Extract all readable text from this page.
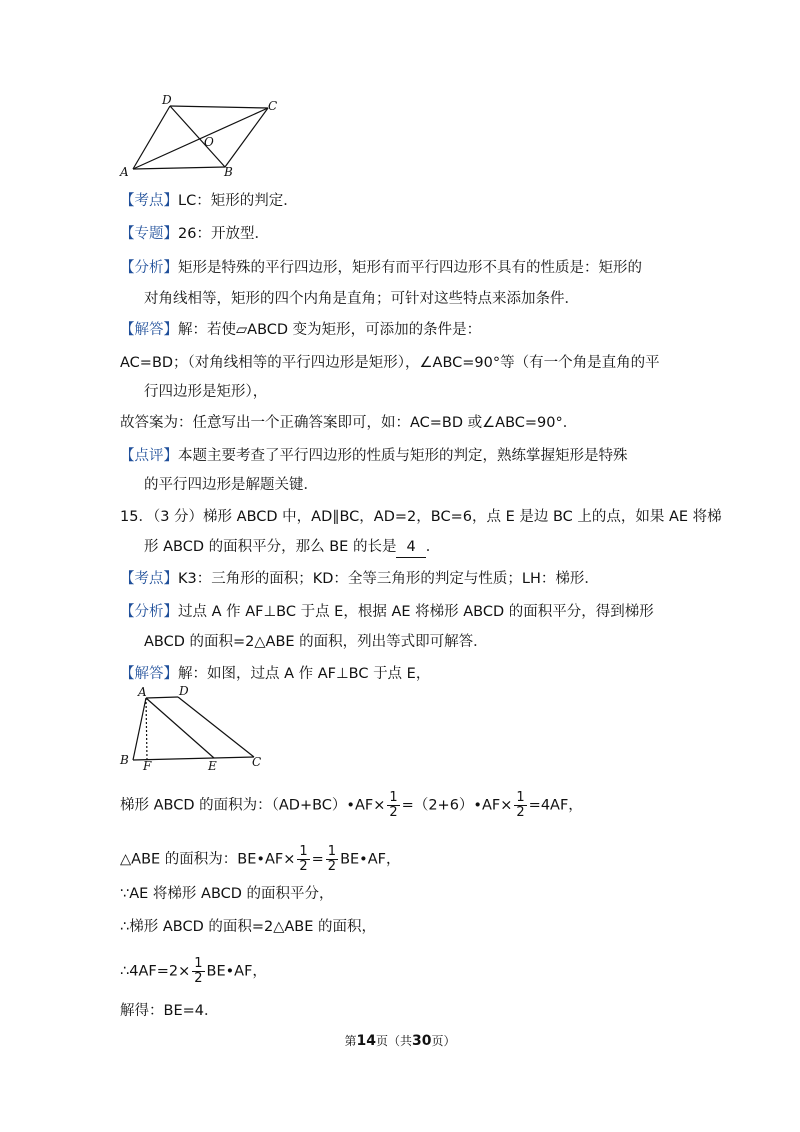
D	C
O
A	B
【考点】LC：矩形的判定．
【专题】26：开放型．
【分析】矩形是特殊的平行四边形，矩形有而平行四边形不具有的性质是：矩形的
对角线相等，矩形的四个内角是直角；可针对这些特点来添加条件．
【解答】解：若使▱ABCD 变为矩形，可添加的条件是：
AC=BD；（对角线相等的平行四边形是矩形），∠ABC=90°等（有一个角是直角的平
行四边形是矩形），
故答案为：任意写出一个正确答案即可，如：AC=BD 或∠ABC=90°．
【点评】本题主要考查了平行四边形的性质与矩形的判定，熟练掌握矩形是特殊
的平行四边形是解题关键．
15．（3 分）梯形 ABCD 中，AD∥BC，AD=2，BC=6，点 E 是边 BC 上的点，如果 AE 将梯
形 ABCD 的面积平分，那么 BE 的长是 4 ．
【考点】K3：三角形的面积；KD：全等三角形的判定与性质；LH：梯形．
【分析】过点 A 作 AF⊥BC 于点 E，根据 AE 将梯形 ABCD 的面积平分，得到梯形
ABCD 的面积=2△ABE 的面积，列出等式即可解答．
【解答】解：如图，过点 A 作 AF⊥BC 于点 E，
A	D
B F	E	C
梯形 ABCD 的面积为：（AD+BC）•AF× $\frac{1}{2}$ =（2+6）•AF× $\frac{1}{2} =4AF$，
△ABE 的面积为：BE•AF× $\frac{1}{2} = \frac{1}{2}$ BE•AF，
∵AE 将梯形 ABCD 的面积平分，
∴梯形 ABCD 的面积=2△ABE 的面积，
∴4AF=2× $\frac{1}{2}$ BE•AF，
解得：BE=4．
第14页（共30页）
